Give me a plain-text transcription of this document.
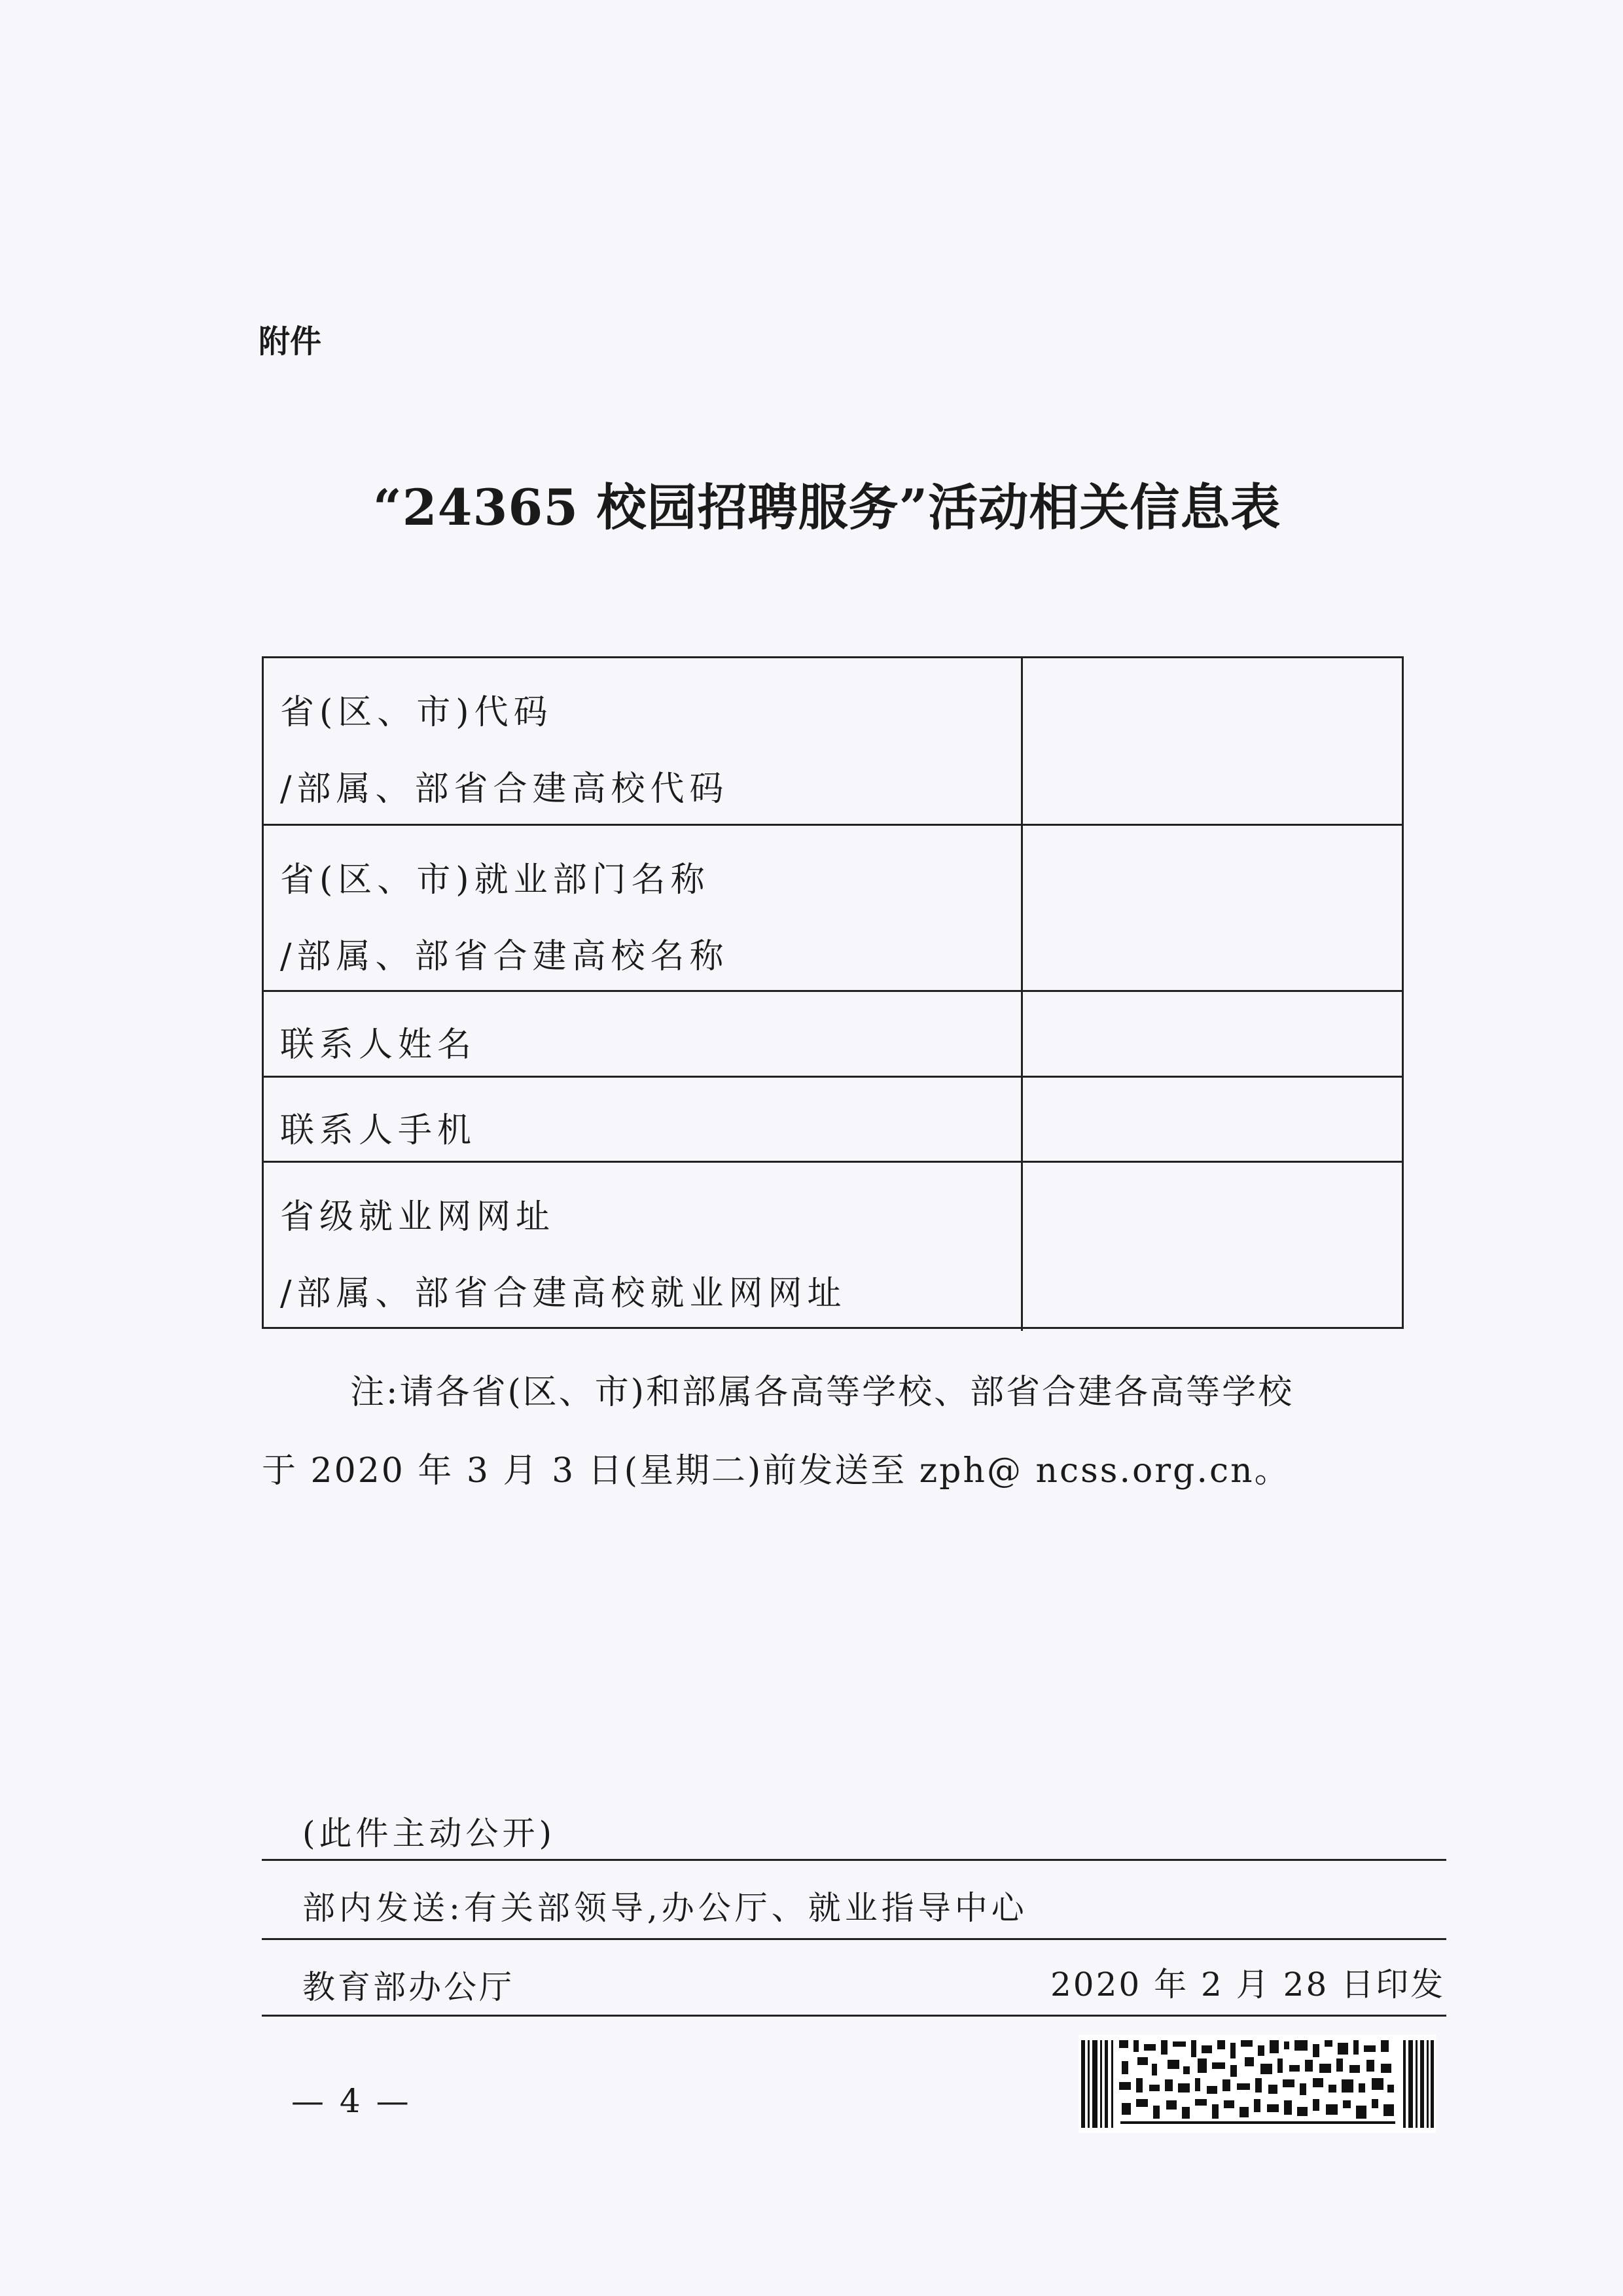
附件
“24365 校园招聘服务”活动相关信息表
省(区、市)代码
/部属、部省合建高校代码
省(区、市)就业部门名称
/部属、部省合建高校名称
联系人姓名
联系人手机
省级就业网网址
/部属、部省合建高校就业网网址
注:请各省(区、市)和部属各高等学校、部省合建各高等学校
于 2020 年 3 月 3 日(星期二)前发送至 zph@ ncss.org.cn。
(此件主动公开)
部内发送:有关部领导,办公厅、就业指导中心
教育部办公厅	2020 年 2 月 28 日印发
— 4 —
